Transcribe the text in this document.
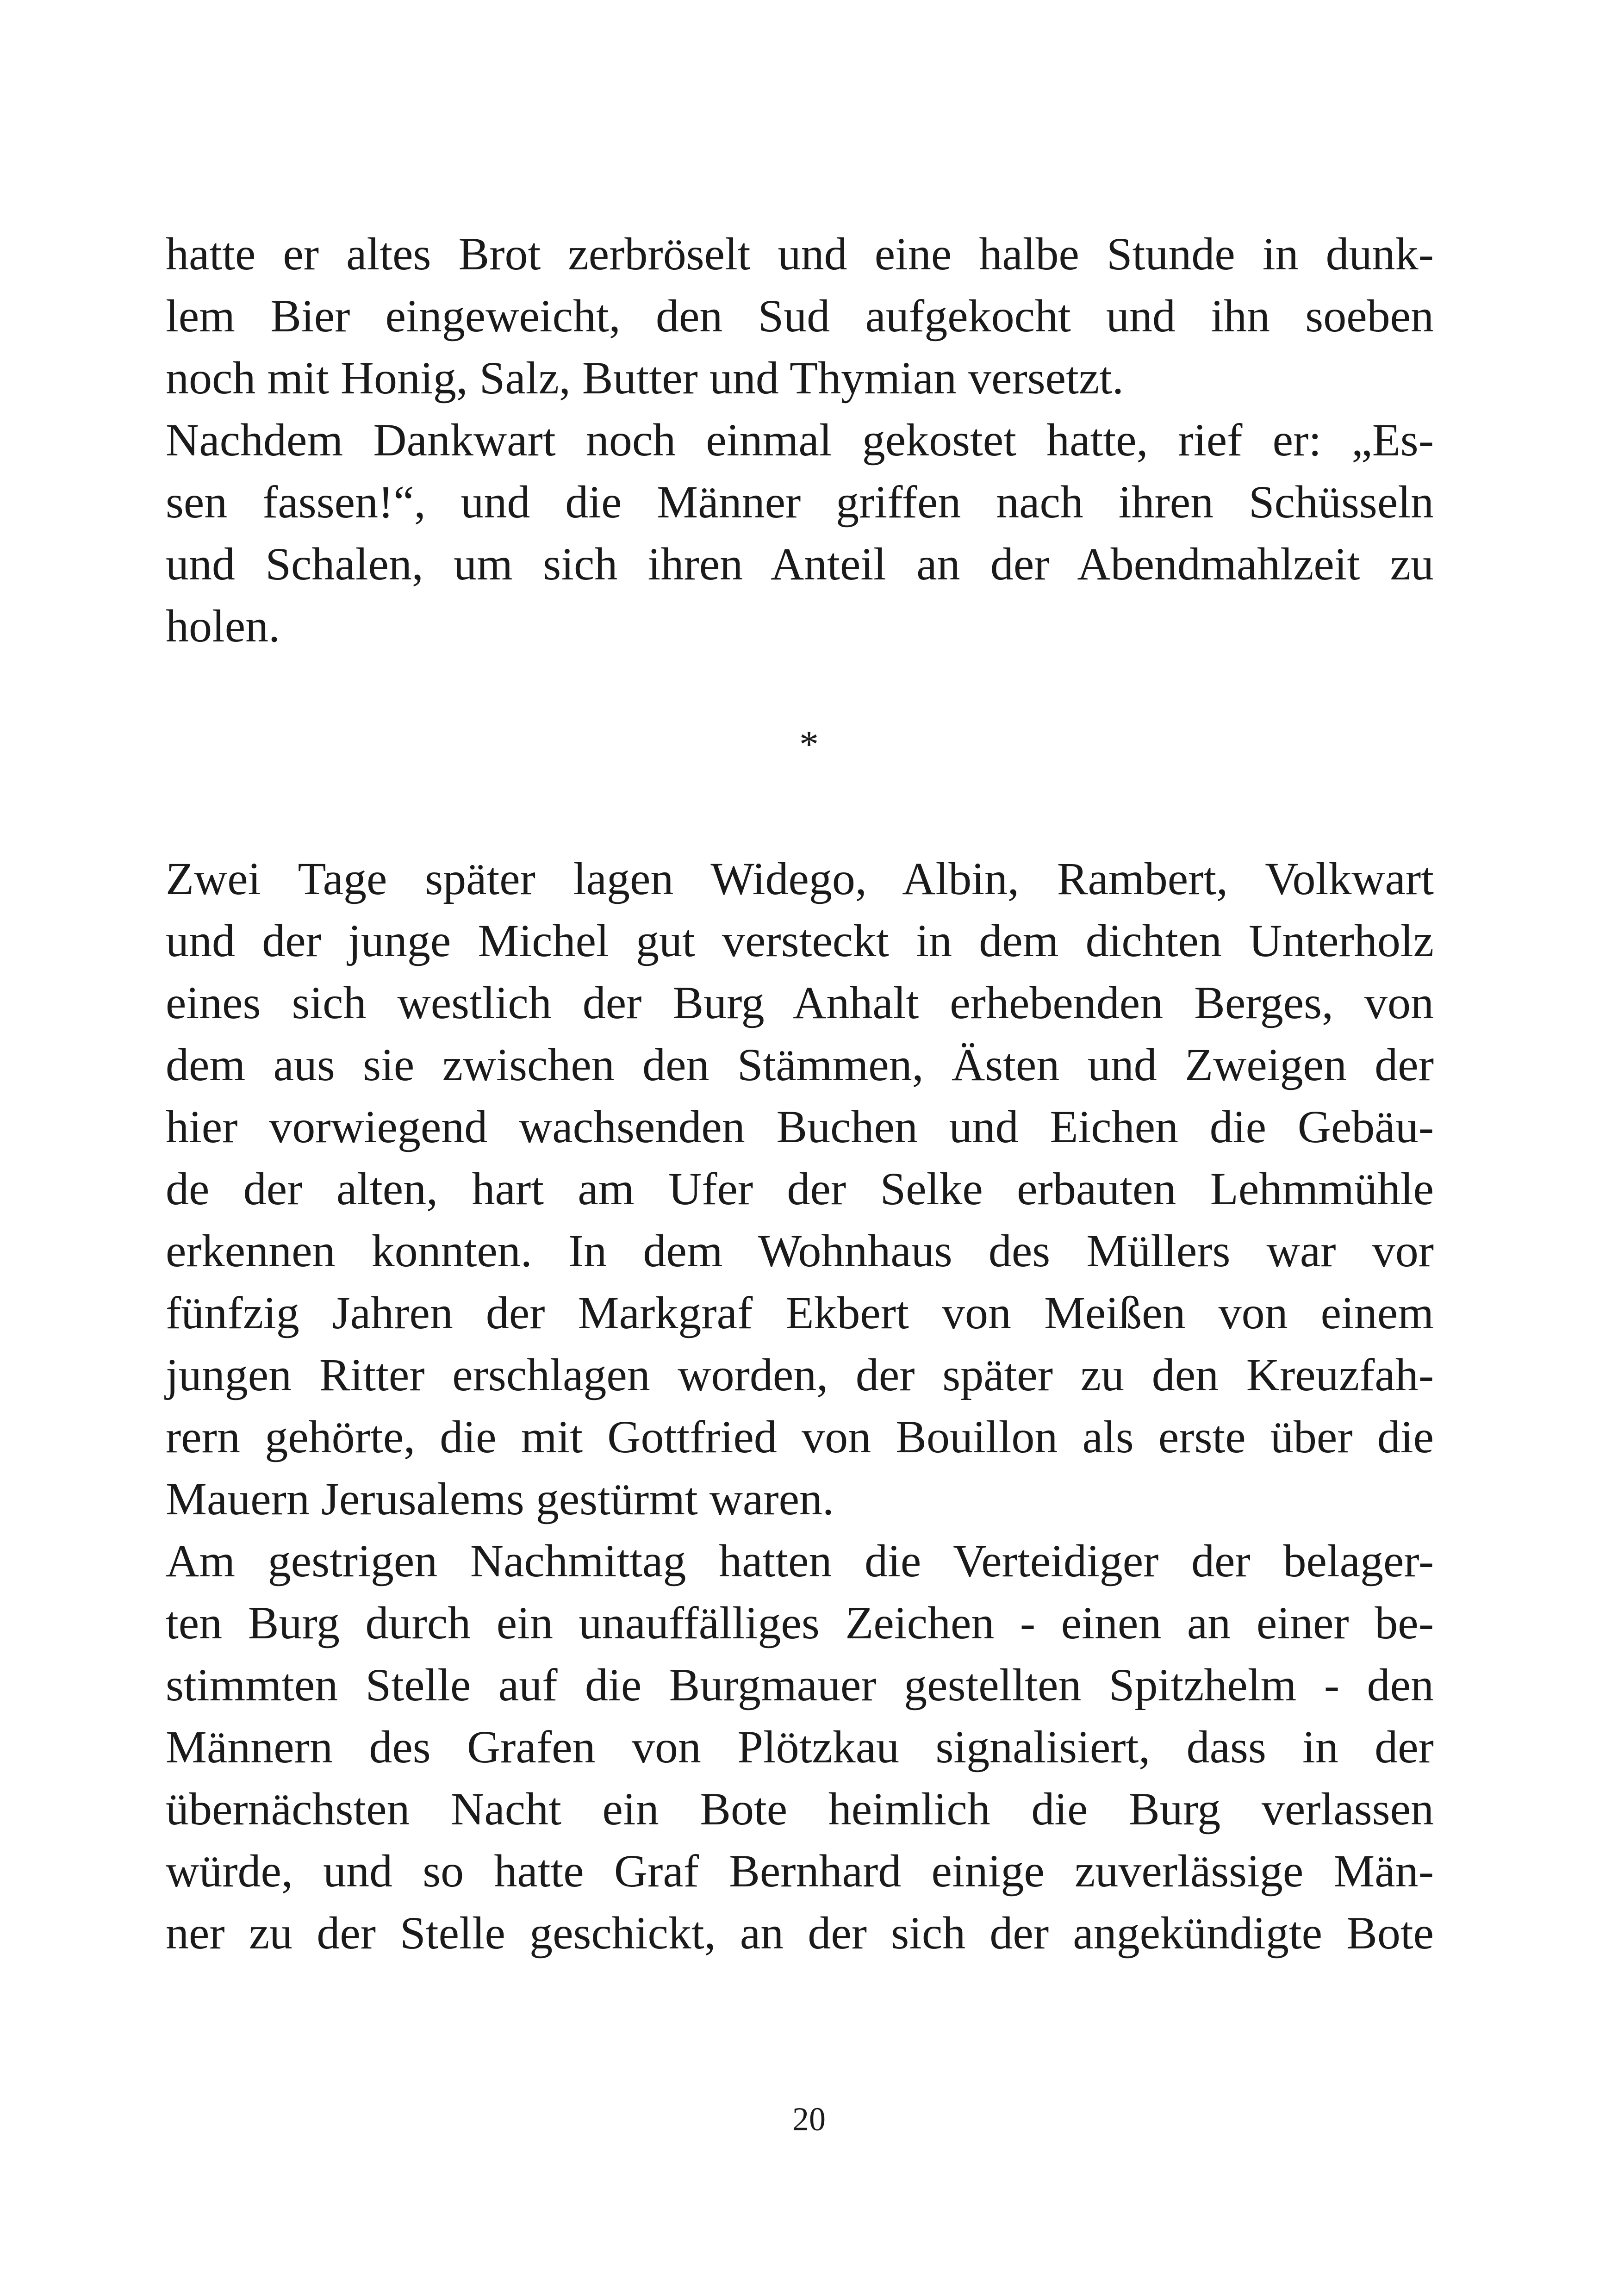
hatte er altes Brot zerbröselt und eine halbe Stunde in dunk-
lem Bier eingeweicht, den Sud aufgekocht und ihn soeben
noch mit Honig, Salz, Butter und Thymian versetzt.
Nachdem Dankwart noch einmal gekostet hatte, rief er: „Es-
sen fassen!“, und die Männer griffen nach ihren Schüsseln
und Schalen, um sich ihren Anteil an der Abendmahlzeit zu
holen.
*
Zwei Tage später lagen Widego, Albin, Rambert, Volkwart
und der junge Michel gut versteckt in dem dichten Unterholz
eines sich westlich der Burg Anhalt erhebenden Berges, von
dem aus sie zwischen den Stämmen, Ästen und Zweigen der
hier vorwiegend wachsenden Buchen und Eichen die Gebäu-
de der alten, hart am Ufer der Selke erbauten Lehmmühle
erkennen konnten. In dem Wohnhaus des Müllers war vor
fünfzig Jahren der Markgraf Ekbert von Meißen von einem
jungen Ritter erschlagen worden, der später zu den Kreuzfah-
rern gehörte, die mit Gottfried von Bouillon als erste über die
Mauern Jerusalems gestürmt waren.
Am gestrigen Nachmittag hatten die Verteidiger der belager-
ten Burg durch ein unauffälliges Zeichen - einen an einer be-
stimmten Stelle auf die Burgmauer gestellten Spitzhelm - den
Männern des Grafen von Plötzkau signalisiert, dass in der
übernächsten Nacht ein Bote heimlich die Burg verlassen
würde, und so hatte Graf Bernhard einige zuverlässige Män-
ner zu der Stelle geschickt, an der sich der angekündigte Bote
20
